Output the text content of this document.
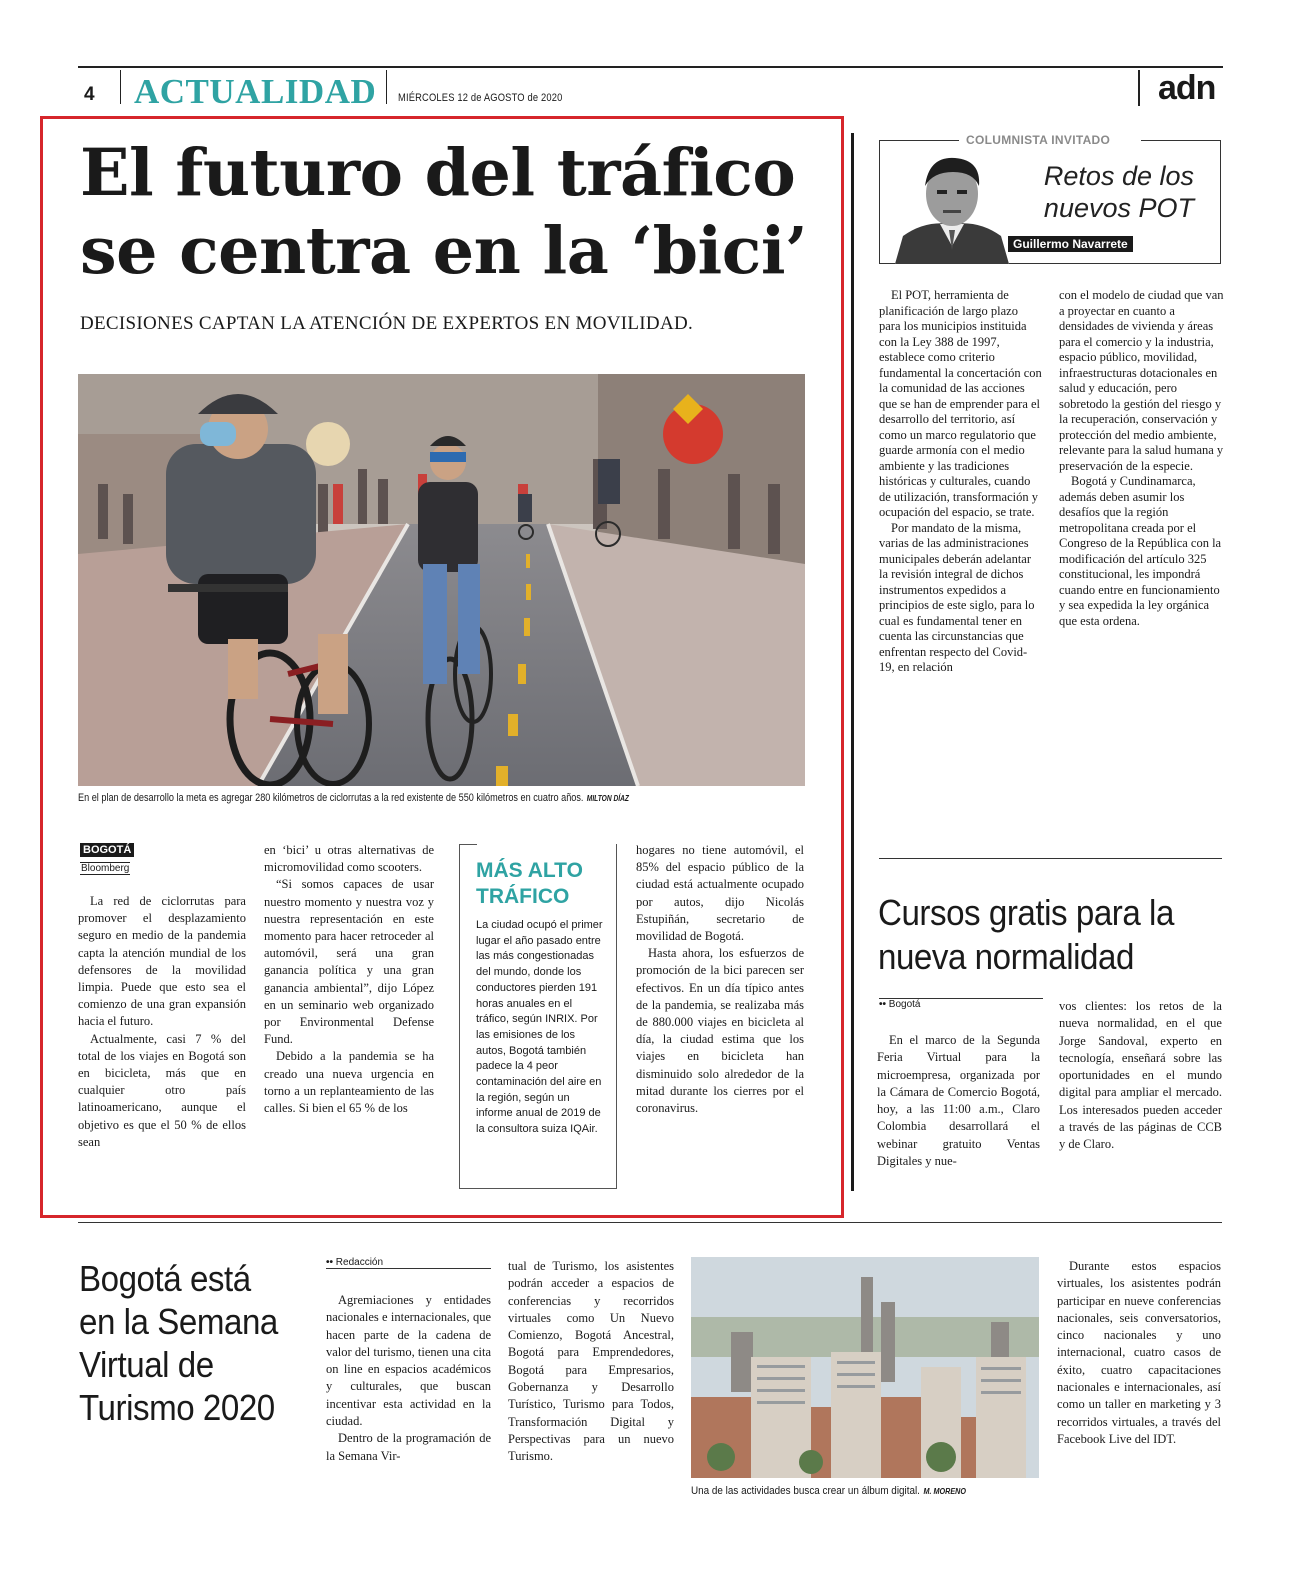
4 ACTUALIDAD MIÉRCOLES 12 de AGOSTO de 2020	adn
El futuro del tráfico
se centra en la ‘bici’
DECISIONES CAPTAN LA ATENCIÓN DE EXPERTOS EN MOVILIDAD.
En el plan de desarrollo la meta es agregar 280 kilómetros de ciclorrutas a la red existente de 550 kilómetros en cuatro años. MILTON DÍAZ
BOGOTÁ
Bloomberg

La red de ciclorrutas para promover el desplazamiento seguro en medio de la pandemia capta la atención mundial de los defensores de la movilidad limpia. Puede que esto sea el comienzo de una gran expansión hacia el futuro.

Actualmente, casi 7 % del total de los viajes en Bogotá son en bicicleta, más que en cualquier otro país latinoamericano, aunque el objetivo es que el 50 % de ellos sean

en ‘bici’ u otras alternativas de micromovilidad como scooters.

“Si somos capaces de usar nuestro momento y nuestra voz y nuestra representación en este momento para hacer retroceder al automóvil, será una gran ganancia política y una gran ganancia ambiental”, dijo López en un seminario web organizado por Environmental Defense Fund.

Debido a la pandemia se ha creado una nueva urgencia en torno a un replanteamiento de las calles. Si bien el 65 % de los

MÁS ALTO TRÁFICO
La ciudad ocupó el primer lugar el año pasado entre las más congestionadas del mundo, donde los conductores pierden 191 horas anuales en el tráfico, según INRIX. Por las emisiones de los autos, Bogotá también padece la 4 peor contaminación del aire en la región, según un informe anual de 2019 de la consultora suiza IQAir.

hogares no tiene automóvil, el 85% del espacio público de la ciudad está actualmente ocupado por autos, dijo Nicolás Estupiñán, secretario de movilidad de Bogotá.

Hasta ahora, los esfuerzos de promoción de la bici parecen ser efectivos. En un día típico antes de la pandemia, se realizaba más de 880.000 viajes en bicicleta al día, la ciudad estima que los viajes en bicicleta han disminuido solo alrededor de la mitad durante los cierres por el coronavirus.

COLUMNISTA INVITADO
Retos de los nuevos POT
Guillermo Navarrete

El POT, herramienta de planificación de largo plazo para los municipios instituida con la Ley 388 de 1997, establece como criterio fundamental la concertación con la comunidad de las acciones que se han de emprender para el desarrollo del territorio, así como un marco regulatorio que guarde armonía con el medio ambiente y las tradiciones históricas y culturales, cuando de utilización, transformación y ocupación del espacio, se trate.

Por mandato de la misma, varias de las administraciones municipales deberán adelantar la revisión integral de dichos instrumentos expedidos a principios de este siglo, para lo cual es fundamental tener en cuenta las circunstancias que enfrentan respecto del Covid-19, en relación

con el modelo de ciudad que van a proyectar en cuanto a densidades de vivienda y áreas para el comercio y la industria, espacio público, movilidad, infraestructuras dotacionales en salud y educación, pero sobretodo la gestión del riesgo y la recuperación, conservación y protección del medio ambiente, relevante para la salud humana y preservación de la especie.

Bogotá y Cundinamarca, además deben asumir los desafíos que la región metropolitana creada por el Congreso de la República con la modificación del artículo 325 constitucional, les impondrá cuando entre en funcionamiento y sea expedida la ley orgánica que esta ordena.

Cursos gratis para la nueva normalidad
•• Bogotá

En el marco de la Segunda Feria Virtual para la microempresa, organizada por la Cámara de Comercio Bogotá, hoy, a las 11:00 a.m., Claro Colombia desarrollará el webinar gratuito Ventas Digitales y nue-

vos clientes: los retos de la nueva normalidad, en el que Jorge Sandoval, experto en tecnología, enseñará sobre las oportunidades en el mundo digital para ampliar el mercado. Los interesados pueden acceder a través de las páginas de CCB y de Claro.

Bogotá está en la Semana Virtual de Turismo 2020
•• Redacción

Agremiaciones y entidades nacionales e internacionales, que hacen parte de la cadena de valor del turismo, tienen una cita on line en espacios académicos y culturales, que buscan incentivar esta actividad en la ciudad.

Dentro de la programación de la Semana Vir-

tual de Turismo, los asistentes podrán acceder a espacios de conferencias y recorridos virtuales como Un Nuevo Comienzo, Bogotá Ancestral, Bogotá para Emprendedores, Bogotá para Empresarios, Gobernanza y Desarrollo Turístico, Turismo para Todos, Transformación Digital y Perspectivas para un nuevo Turismo.

Una de las actividades busca crear un álbum digital. M. MORENO

Durante estos espacios virtuales, los asistentes podrán participar en nueve conferencias nacionales, seis conversatorios, cinco nacionales y uno internacional, cuatro casos de éxito, cuatro capacitaciones nacionales e internacionales, así como un taller en marketing y 3 recorridos virtuales, a través del Facebook Live del IDT.
